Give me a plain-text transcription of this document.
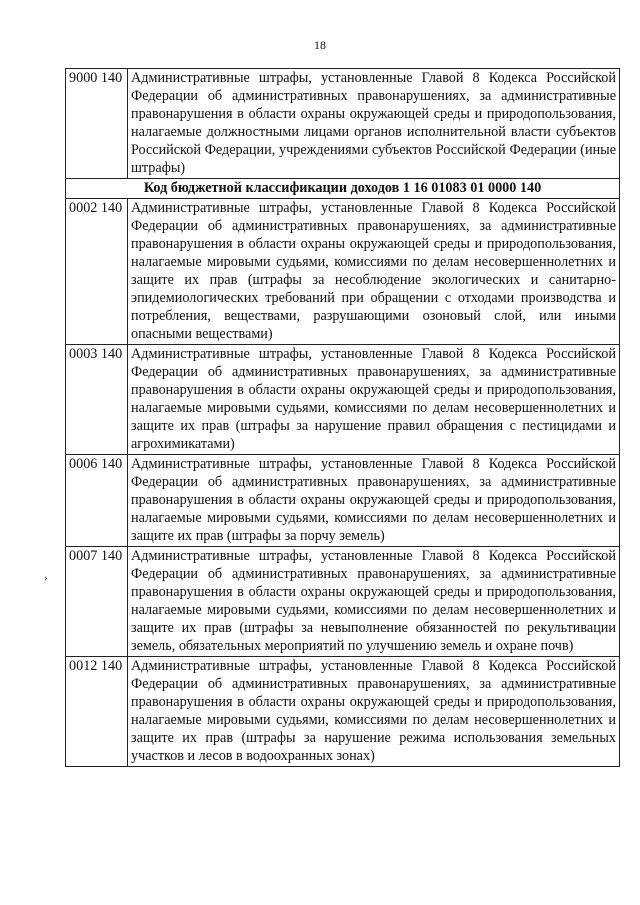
18
›
9000 140	Административные штрафы, установленные Главой 8 Кодекса Российской Федерации об административных правонарушениях, за административные правонарушения в области охраны окружающей среды и природопользования, налагаемые должностными лицами органов исполнительной власти субъектов Российской Федерации, учреждениями субъектов Российской Федерации (иные штрафы)
Код бюджетной классификации доходов 1 16 01083 01 0000 140	
0002 140	Административные штрафы, установленные Главой 8 Кодекса Российской Федерации об административных правонарушениях, за административные правонарушения в области охраны окружающей среды и природопользования, налагаемые мировыми судьями, комиссиями по делам несовершеннолетних и защите их прав (штрафы за несоблюдение экологических и санитарно-эпидемиологических требований при обращении с отходами производства и потребления, веществами, разрушающими озоновый слой, или иными опасными веществами)
0003 140	Административные штрафы, установленные Главой 8 Кодекса Российской Федерации об административных правонарушениях, за административные правонарушения в области охраны окружающей среды и природопользования, налагаемые мировыми судьями, комиссиями по делам несовершеннолетних и защите их прав (штрафы за нарушение правил обращения с пестицидами и агрохимикатами)
0006 140	Административные штрафы, установленные Главой 8 Кодекса Российской Федерации об административных правонарушениях, за административные правонарушения в области охраны окружающей среды и природопользования, налагаемые мировыми судьями, комиссиями по делам несовершеннолетних и защите их прав (штрафы за порчу земель)
0007 140	Административные штрафы, установленные Главой 8 Кодекса Российской Федерации об административных правонарушениях, за административные правонарушения в области охраны окружающей среды и природопользования, налагаемые мировыми судьями, комиссиями по делам несовершеннолетних и защите их прав (штрафы за невыполнение обязанностей по рекультивации земель, обязательных мероприятий по улучшению земель и охране почв)
0012 140	Административные штрафы, установленные Главой 8 Кодекса Российской Федерации об административных правонарушениях, за административные правонарушения в области охраны окружающей среды и природопользования, налагаемые мировыми судьями, комиссиями по делам несовершеннолетних и защите их прав (штрафы за нарушение режима использования земельных участков и лесов в водоохранных зонах)
